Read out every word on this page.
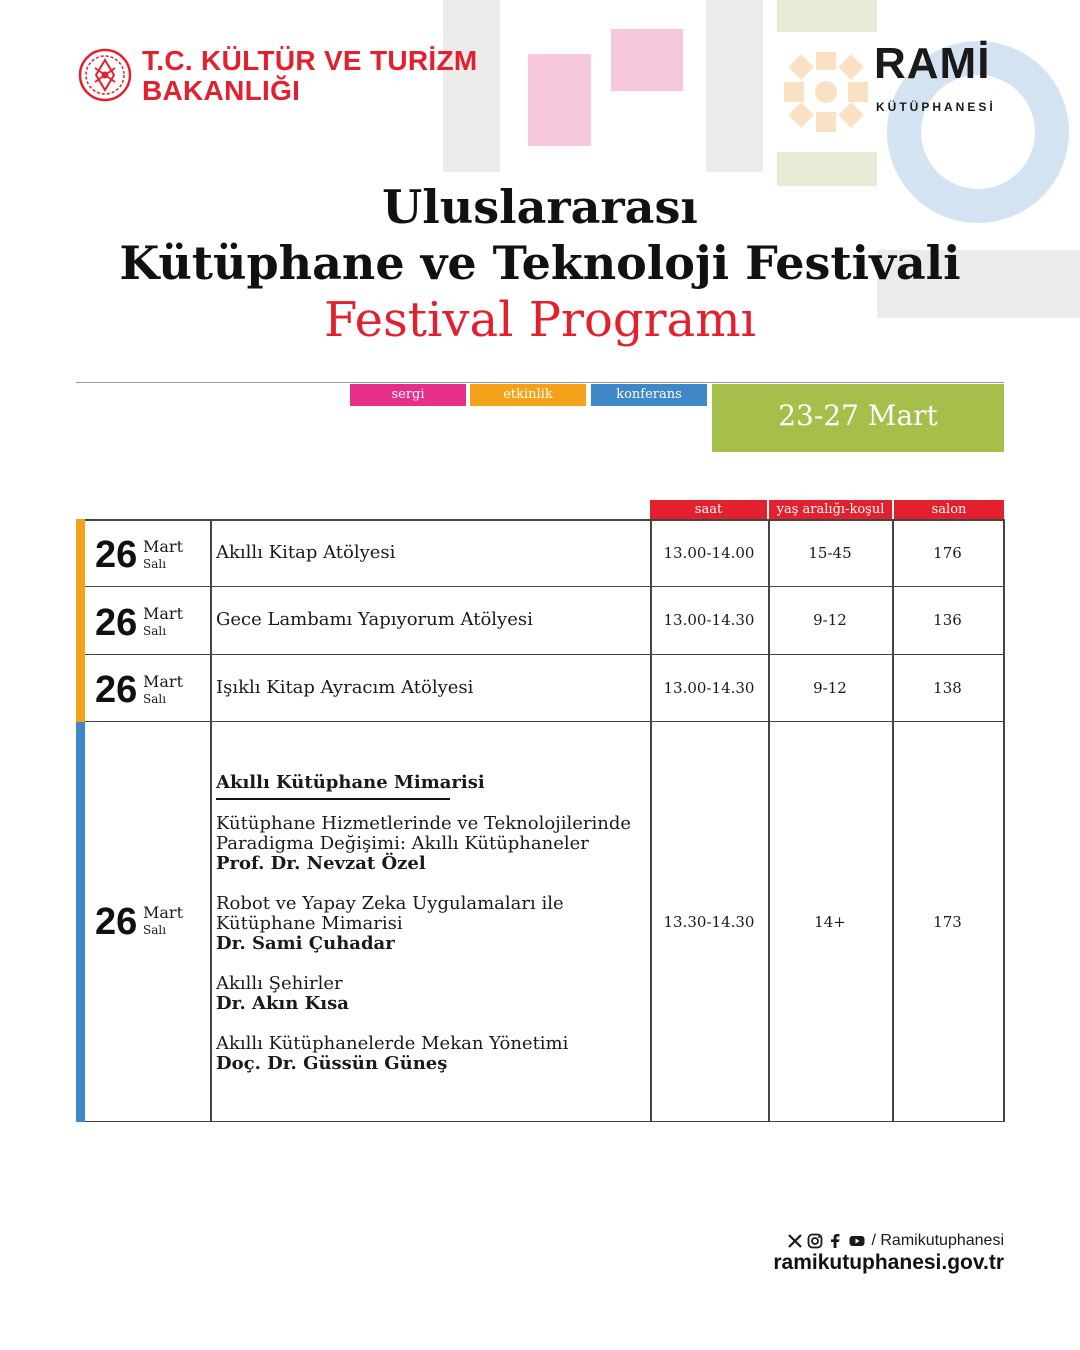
T.C. KÜLTÜR VE TURİZM
BAKANLIĞI
RAMİ
KÜTÜPHANESİ
Uluslararası
Kütüphane ve Teknoloji Festivali
Festival Programı
sergi	etkinlik	konferans
23-27 Mart
saat	yaş aralığı-koşul	salon
26 Mart
Salı
Akıllı Kitap Atölyesi	13.00-14.00	15-45	176
26 Mart
Salı
Gece Lambamı Yapıyorum Atölyesi	13.00-14.30	9-12	136
26 Mart
Salı
Işıklı Kitap Ayracım Atölyesi	13.00-14.30	9-12	138
26 Mart
Salı
Akıllı Kütüphane Mimarisi
Kütüphane Hizmetlerinde ve Teknolojilerinde
Paradigma Değişimi: Akıllı Kütüphaneler
Prof. Dr. Nevzat Özel
Robot ve Yapay Zeka Uygulamaları ile
Kütüphane Mimarisi
Dr. Sami Çuhadar
Akıllı Şehirler
Dr. Akın Kısa
Akıllı Kütüphanelerde Mekan Yönetimi
Doç. Dr. Güssün Güneş
13.30-14.30	14+	173
/ Ramikutuphanesi
ramikutuphanesi.gov.tr
